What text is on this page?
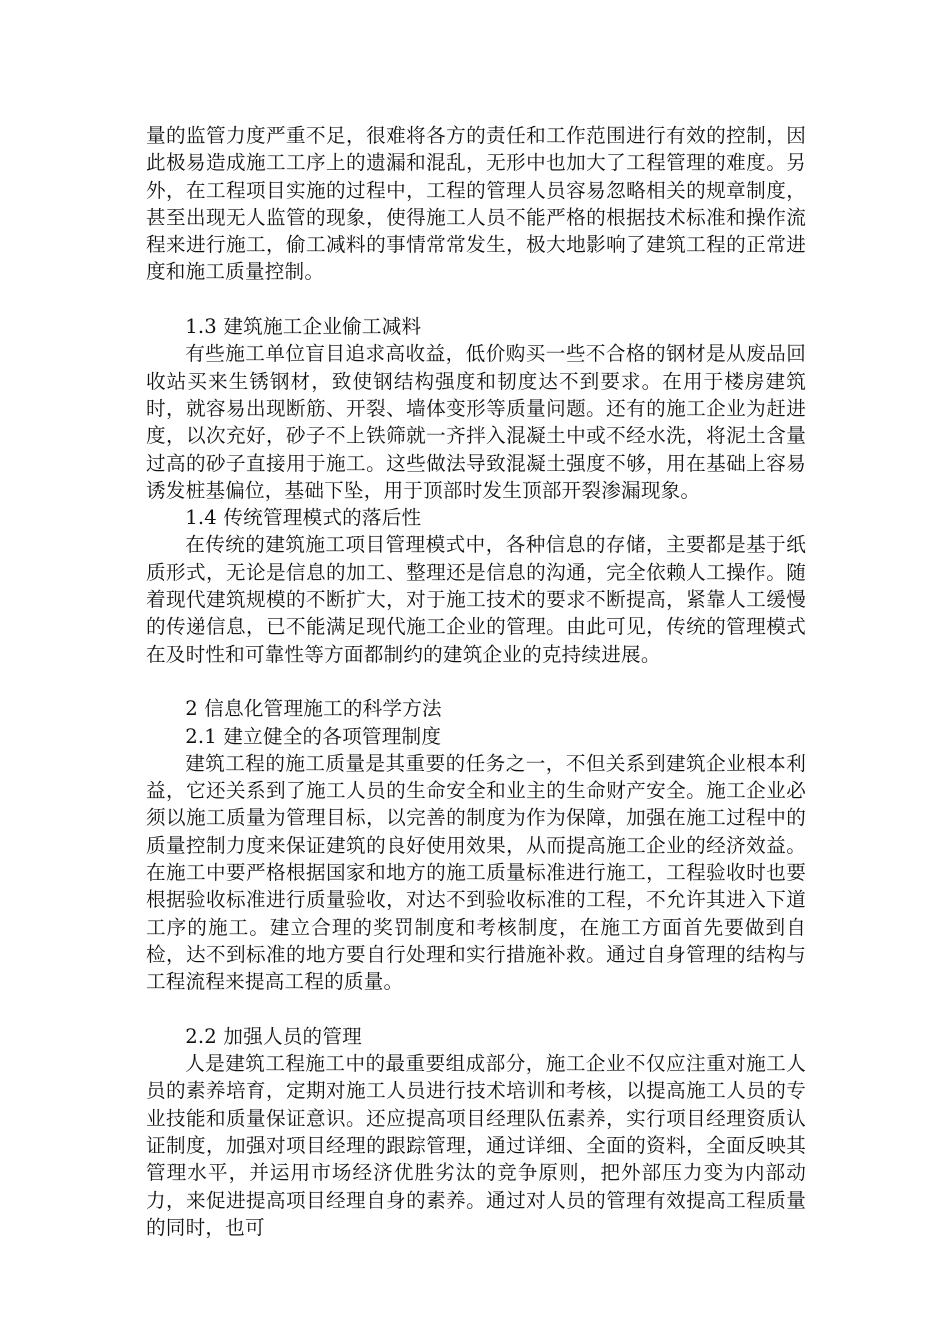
量的监管力度严重不足，很难将各方的责任和工作范围进行有效的控制，因此极易造成施工工序上的遗漏和混乱，无形中也加大了工程管理的难度。另外，在工程项目实施的过程中，工程的管理人员容易忽略相关的规章制度，甚至出现无人监管的现象，使得施工人员不能严格的根据技术标准和操作流程来进行施工，偷工减料的事情常常发生，极大地影响了建筑工程的正常进度和施工质量控制。

1.3 建筑施工企业偷工减料

有些施工单位盲目追求高收益，低价购买一些不合格的钢材是从废品回收站买来生锈钢材，致使钢结构强度和韧度达不到要求。在用于楼房建筑时，就容易出现断筋、开裂、墙体变形等质量问题。还有的施工企业为赶进度，以次充好，砂子不上铁筛就一齐拌入混凝土中或不经水洗，将泥土含量过高的砂子直接用于施工。这些做法导致混凝土强度不够，用在基础上容易诱发桩基偏位，基础下坠，用于顶部时发生顶部开裂渗漏现象。

1.4 传统管理模式的落后性

在传统的建筑施工项目管理模式中，各种信息的存储，主要都是基于纸质形式，无论是信息的加工、整理还是信息的沟通，完全依赖人工操作。随着现代建筑规模的不断扩大，对于施工技术的要求不断提高，紧靠人工缓慢的传递信息，已不能满足现代施工企业的管理。由此可见，传统的管理模式在及时性和可靠性等方面都制约的建筑企业的克持续进展。

2 信息化管理施工的科学方法

2.1 建立健全的各项管理制度

建筑工程的施工质量是其重要的任务之一，不但关系到建筑企业根本利益，它还关系到了施工人员的生命安全和业主的生命财产安全。施工企业必须以施工质量为管理目标，以完善的制度为作为保障，加强在施工过程中的质量控制力度来保证建筑的良好使用效果，从而提高施工企业的经济效益。在施工中要严格根据国家和地方的施工质量标准进行施工，工程验收时也要根据验收标准进行质量验收，对达不到验收标准的工程，不允许其进入下道工序的施工。建立合理的奖罚制度和考核制度，在施工方面首先要做到自检，达不到标准的地方要自行处理和实行措施补救。通过自身管理的结构与工程流程来提高工程的质量。

2.2 加强人员的管理

人是建筑工程施工中的最重要组成部分，施工企业不仅应注重对施工人员的素养培育，定期对施工人员进行技术培训和考核，以提高施工人员的专业技能和质量保证意识。还应提高项目经理队伍素养，实行项目经理资质认证制度，加强对项目经理的跟踪管理，通过详细、全面的资料，全面反映其管理水平，并运用市场经济优胜劣汰的竞争原则，把外部压力变为内部动力，来促进提高项目经理自身的素养。通过对人员的管理有效提高工程质量的同时，也可
